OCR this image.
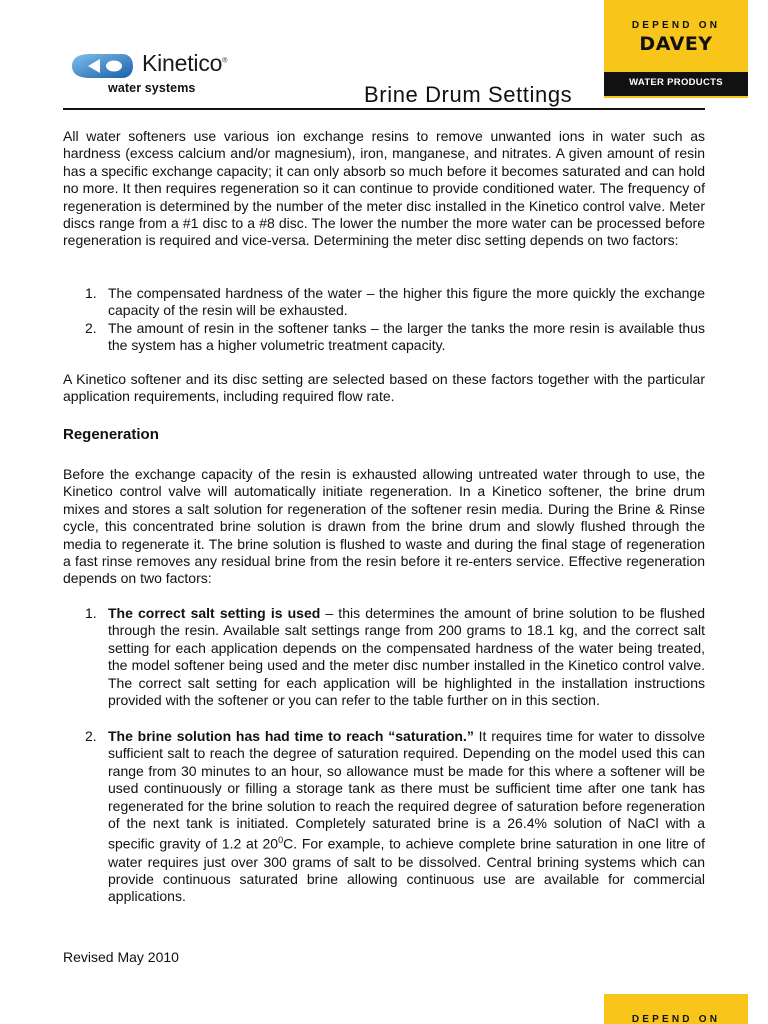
Kinetico®
water systems	Brine Drum Settings
DEPEND ON
DAVEY
WATER PRODUCTS
All water softeners use various ion exchange resins to remove unwanted ions in water such as hardness (excess calcium and/or magnesium), iron, manganese, and nitrates. A given amount of resin has a specific exchange capacity; it can only absorb so much before it becomes saturated and can hold no more. It then requires regeneration so it can continue to provide conditioned water. The frequency of regeneration is determined by the number of the meter disc installed in the Kinetico control valve. Meter discs range from a #1 disc to a #8 disc. The lower the number the more water can be processed before regeneration is required and vice-versa. Determining the meter disc setting depends on two factors:
1. The compensated hardness of the water – the higher this figure the more quickly the exchange capacity of the resin will be exhausted.
2. The amount of resin in the softener tanks – the larger the tanks the more resin is available thus the system has a higher volumetric treatment capacity.
A Kinetico softener and its disc setting are selected based on these factors together with the particular application requirements, including required flow rate.
Regeneration
Before the exchange capacity of the resin is exhausted allowing untreated water through to use, the Kinetico control valve will automatically initiate regeneration. In a Kinetico softener, the brine drum mixes and stores a salt solution for regeneration of the softener resin media. During the Brine & Rinse cycle, this concentrated brine solution is drawn from the brine drum and slowly flushed through the media to regenerate it. The brine solution is flushed to waste and during the final stage of regeneration a fast rinse removes any residual brine from the resin before it re-enters service. Effective regeneration depends on two factors:
1. The correct salt setting is used – this determines the amount of brine solution to be flushed through the resin. Available salt settings range from 200 grams to 18.1 kg, and the correct salt setting for each application depends on the compensated hardness of the water being treated, the model softener being used and the meter disc number installed in the Kinetico control valve. The correct salt setting for each application will be highlighted in the installation instructions provided with the softener or you can refer to the table further on in this section.
2. The brine solution has had time to reach “saturation.” It requires time for water to dissolve sufficient salt to reach the degree of saturation required. Depending on the model used this can range from 30 minutes to an hour, so allowance must be made for this where a softener will be used continuously or filling a storage tank as there must be sufficient time after one tank has regenerated for the brine solution to reach the required degree of saturation before regeneration of the next tank is initiated. Completely saturated brine is a 26.4% solution of NaCl with a specific gravity of 1.2 at $20^0C$. For example, to achieve complete brine saturation in one litre of water requires just over 300 grams of salt to be dissolved. Central brining systems which can provide continuous saturated brine allowing continuous use are available for commercial applications.
Revised May 2010
DEPEND ON
